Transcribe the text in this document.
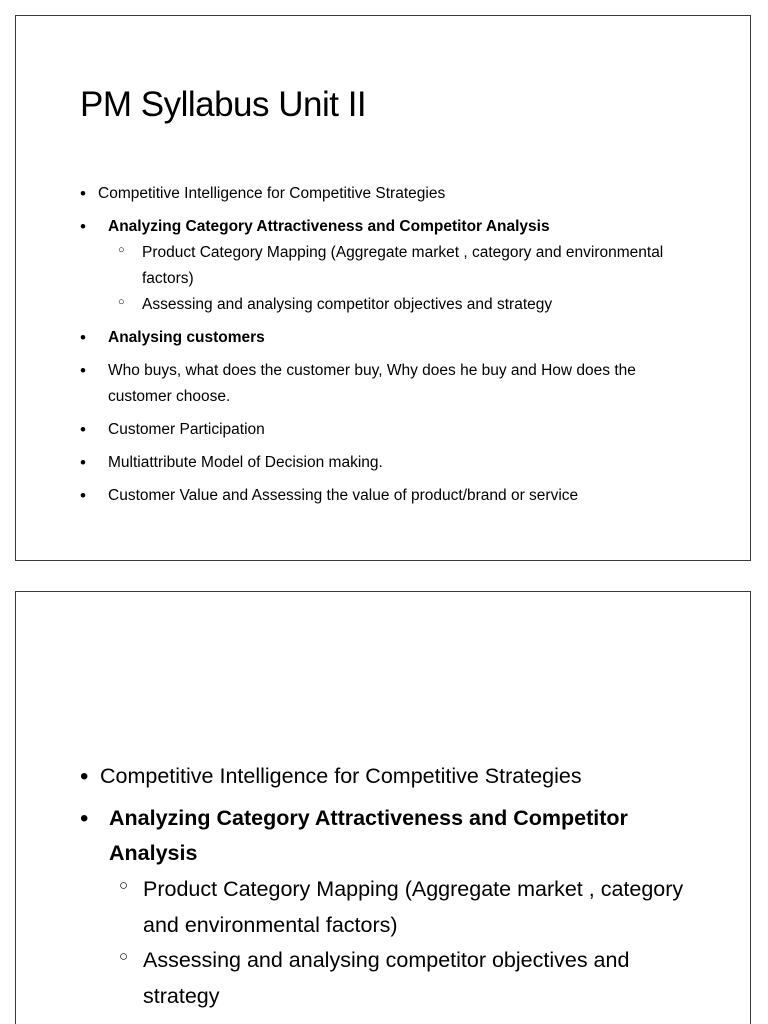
PM Syllabus Unit II
• Competitive Intelligence for Competitive Strategies
• Analyzing Category Attractiveness and Competitor Analysis
○ Product Category Mapping (Aggregate market , category and environmental factors)
○ Assessing and analysing competitor objectives and strategy
• Analysing customers
• Who buys, what does the customer buy, Why does he buy and How does the customer choose.
• Customer Participation
• Multiattribute Model of Decision making.
• Customer Value and Assessing the value of product/brand or service
• Competitive Intelligence for Competitive Strategies
• Analyzing Category Attractiveness and Competitor Analysis
○ Product Category Mapping (Aggregate market , category and environmental factors)
○ Assessing and analysing competitor objectives and strategy
